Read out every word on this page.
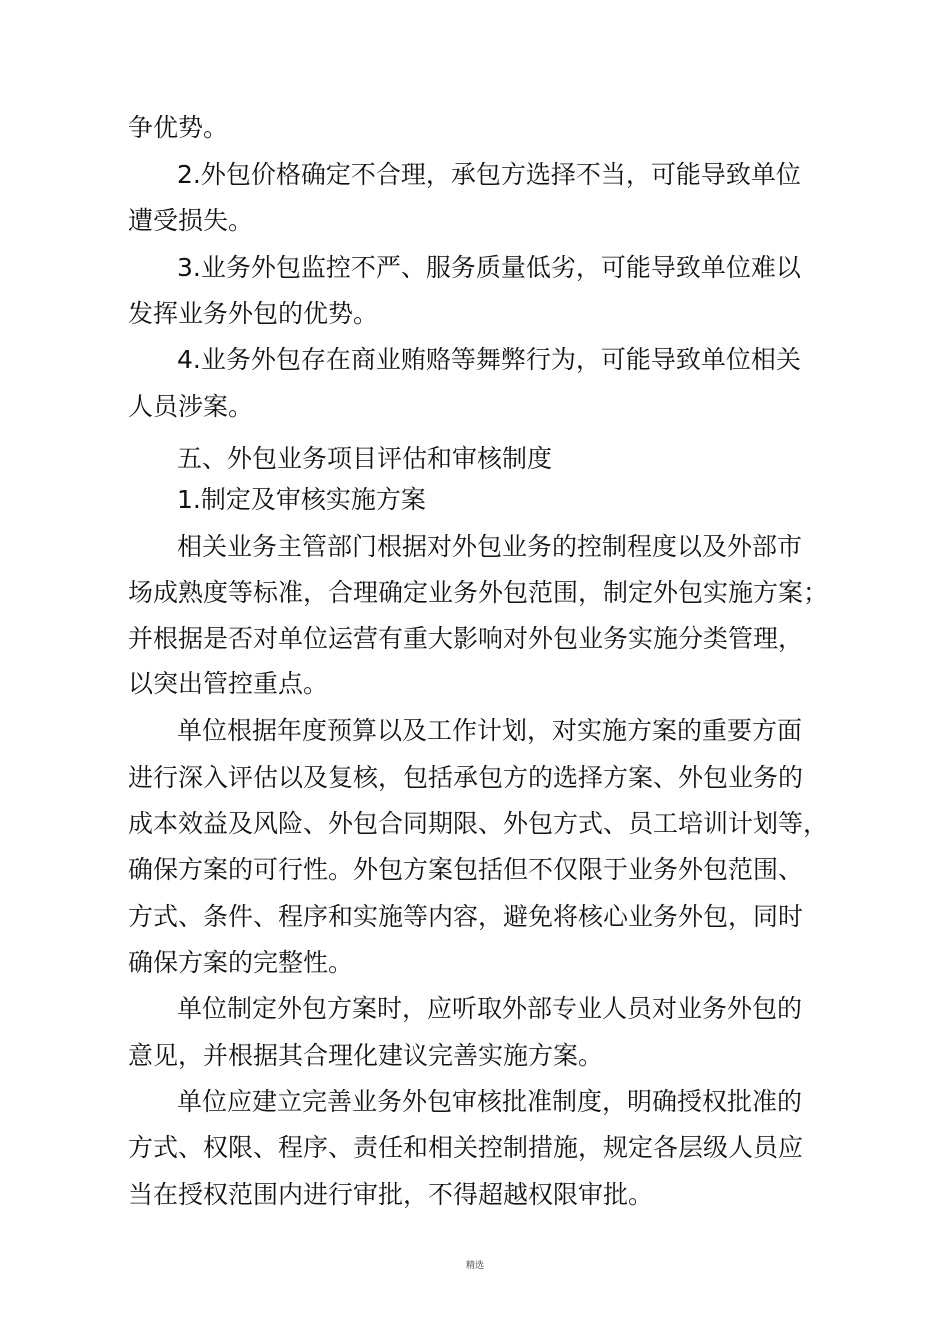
争优势。
2.外包价格确定不合理，承包方选择不当，可能导致单位
遭受损失。
3.业务外包监控不严、服务质量低劣，可能导致单位难以
发挥业务外包的优势。
4.业务外包存在商业贿赂等舞弊行为，可能导致单位相关
人员涉案。
五、外包业务项目评估和审核制度
1.制定及审核实施方案
相关业务主管部门根据对外包业务的控制程度以及外部市
场成熟度等标准，合理确定业务外包范围，制定外包实施方案；
并根据是否对单位运营有重大影响对外包业务实施分类管理，
以突出管控重点。
单位根据年度预算以及工作计划，对实施方案的重要方面
进行深入评估以及复核，包括承包方的选择方案、外包业务的
成本效益及风险、外包合同期限、外包方式、员工培训计划等，
确保方案的可行性。外包方案包括但不仅限于业务外包范围、
方式、条件、程序和实施等内容，避免将核心业务外包，同时
确保方案的完整性。
单位制定外包方案时，应听取外部专业人员对业务外包的
意见，并根据其合理化建议完善实施方案。
单位应建立完善业务外包审核批准制度，明确授权批准的
方式、权限、程序、责任和相关控制措施，规定各层级人员应
当在授权范围内进行审批，不得超越权限审批。
精选
